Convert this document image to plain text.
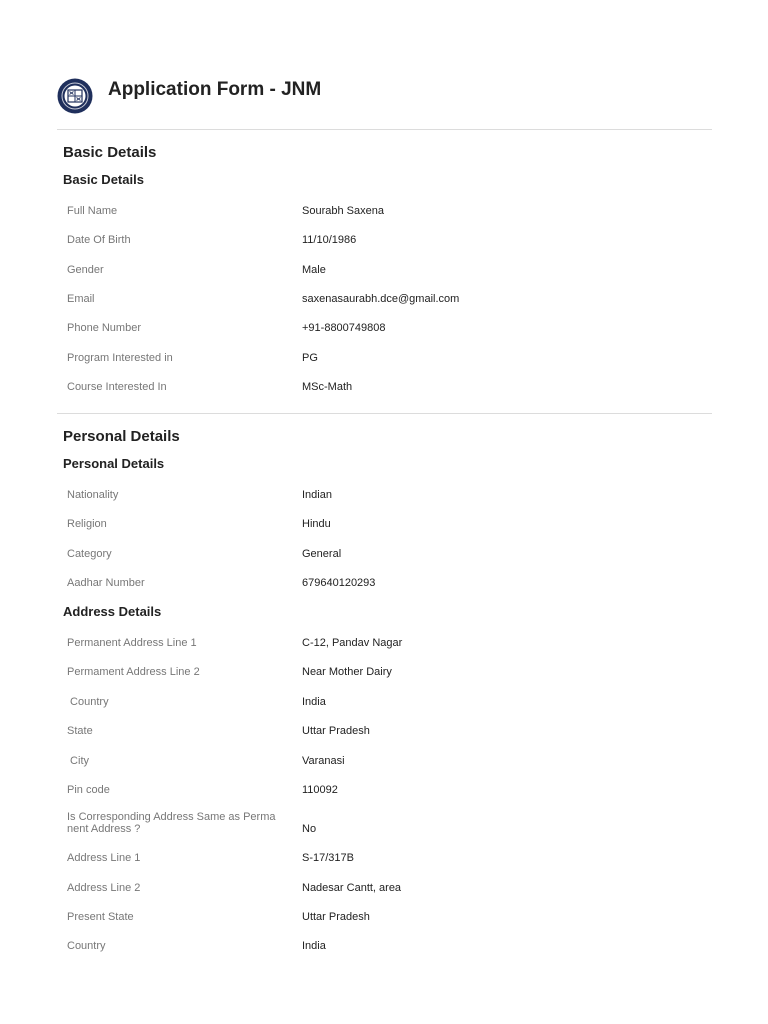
Application Form - JNM
Basic Details
Basic Details
Full Name	Sourabh Saxena
Date Of Birth	11/10/1986
Gender	Male
Email	saxenasaurabh.dce@gmail.com
Phone Number	+91-8800749808
Program Interested in	PG
Course Interested In	MSc-Math
Personal Details
Personal Details
Nationality	Indian
Religion	Hindu
Category	General
Aadhar Number	679640120293
Address Details
Permanent Address Line 1	C-12, Pandav Nagar
Permament Address Line 2	Near Mother Dairy
Country	India
State	Uttar Pradesh
City	Varanasi
Pin code	110092
Is Corresponding Address Same as Perma
nent Address ?	No
Address Line 1	S-17/317B
Address Line 2	Nadesar Cantt, area
Present State	Uttar Pradesh
Country	India
